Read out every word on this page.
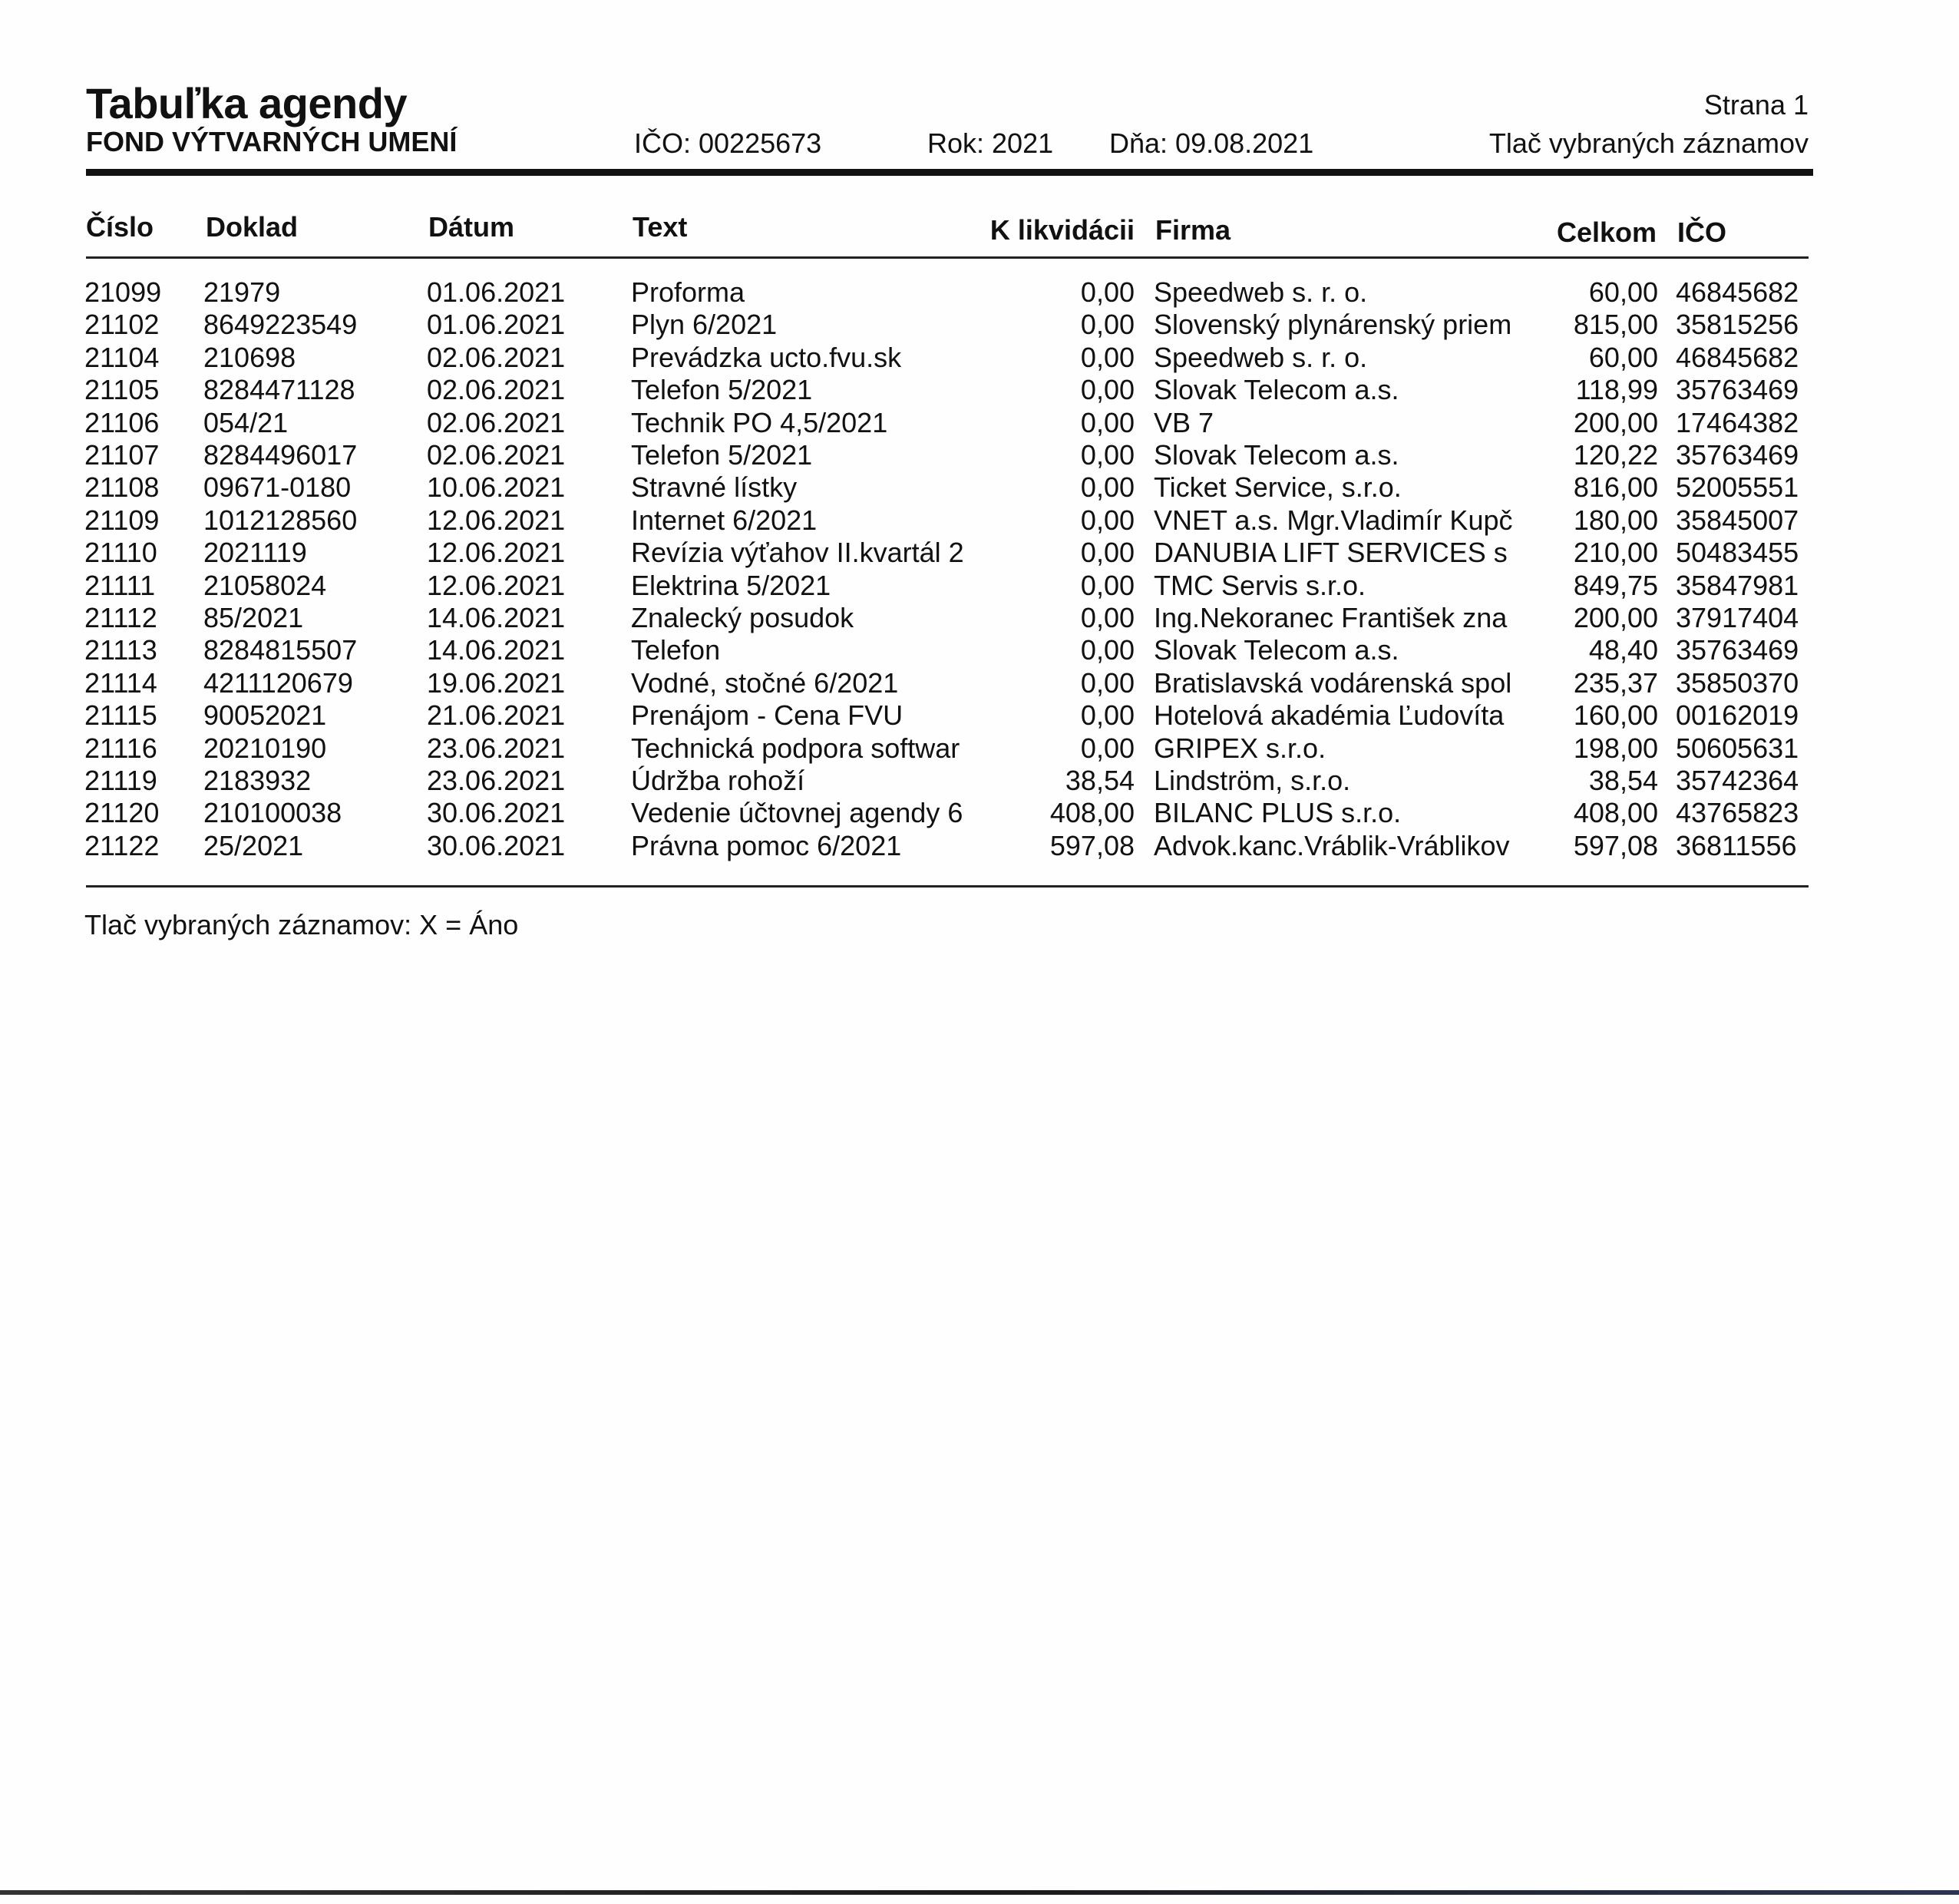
Tabuľka agendy
FOND VÝTVARNÝCH UMENÍ	IČO: 00225673	Rok: 2021 Dňa: 09.08.2021
Strana 1
Tlač vybraných záznamov
Číslo Doklad	Dátum	Text	K likvidácii Firma	Celkom IČO
21099 21979	01.06.2021 Proforma	0,00 Speedweb s. r. o.	60,00 46845682
21102 8649223549	01.06.2021 Plyn 6/2021	0,00 Slovenský plynárenský priem	815,00 35815256
21104 210698	02.06.2021 Prevádzka ucto.fvu.sk	0,00 Speedweb s. r. o.	60,00 46845682
21105 8284471128	02.06.2021 Telefon 5/2021	0,00 Slovak Telecom a.s.	118,99 35763469
21106 054/21	02.06.2021 Technik PO 4,5/2021	0,00 VB 7	200,00 17464382
21107 8284496017	02.06.2021 Telefon 5/2021	0,00 Slovak Telecom a.s.	120,22 35763469
21108 09671-0180	10.06.2021 Stravné lístky	0,00 Ticket Service, s.r.o.	816,00 52005551
21109 1012128560	12.06.2021 Internet 6/2021	0,00 VNET a.s. Mgr.Vladimír Kupč	180,00 35845007
21110 2021119	12.06.2021 Revízia výťahov II.kvartál 2	0,00 DANUBIA LIFT SERVICES s	210,00 50483455
21111 21058024	12.06.2021 Elektrina 5/2021	0,00 TMC Servis s.r.o.	849,75 35847981
21112 85/2021	14.06.2021 Znalecký posudok	0,00 Ing.Nekoranec František zna	200,00 37917404
21113 8284815507	14.06.2021 Telefon	0,00 Slovak Telecom a.s.	48,40 35763469
21114 4211120679	19.06.2021 Vodné, stočné 6/2021	0,00 Bratislavská vodárenská spol	235,37 35850370
21115 90052021	21.06.2021 Prenájom - Cena FVU	0,00 Hotelová akadémia Ľudovíta	160,00 00162019
21116 20210190	23.06.2021 Technická podpora softwar	0,00 GRIPEX s.r.o.	198,00 50605631
21119 2183932	23.06.2021 Údržba rohoží	38,54 Lindström, s.r.o.	38,54 35742364
21120 210100038	30.06.2021 Vedenie účtovnej agendy 6	408,00 BILANC PLUS s.r.o.	408,00 43765823
21122 25/2021	30.06.2021 Právna pomoc 6/2021	597,08 Advok.kanc.Vráblik-Vráblikov	597,08 36811556
Tlač vybraných záznamov: X = Áno
